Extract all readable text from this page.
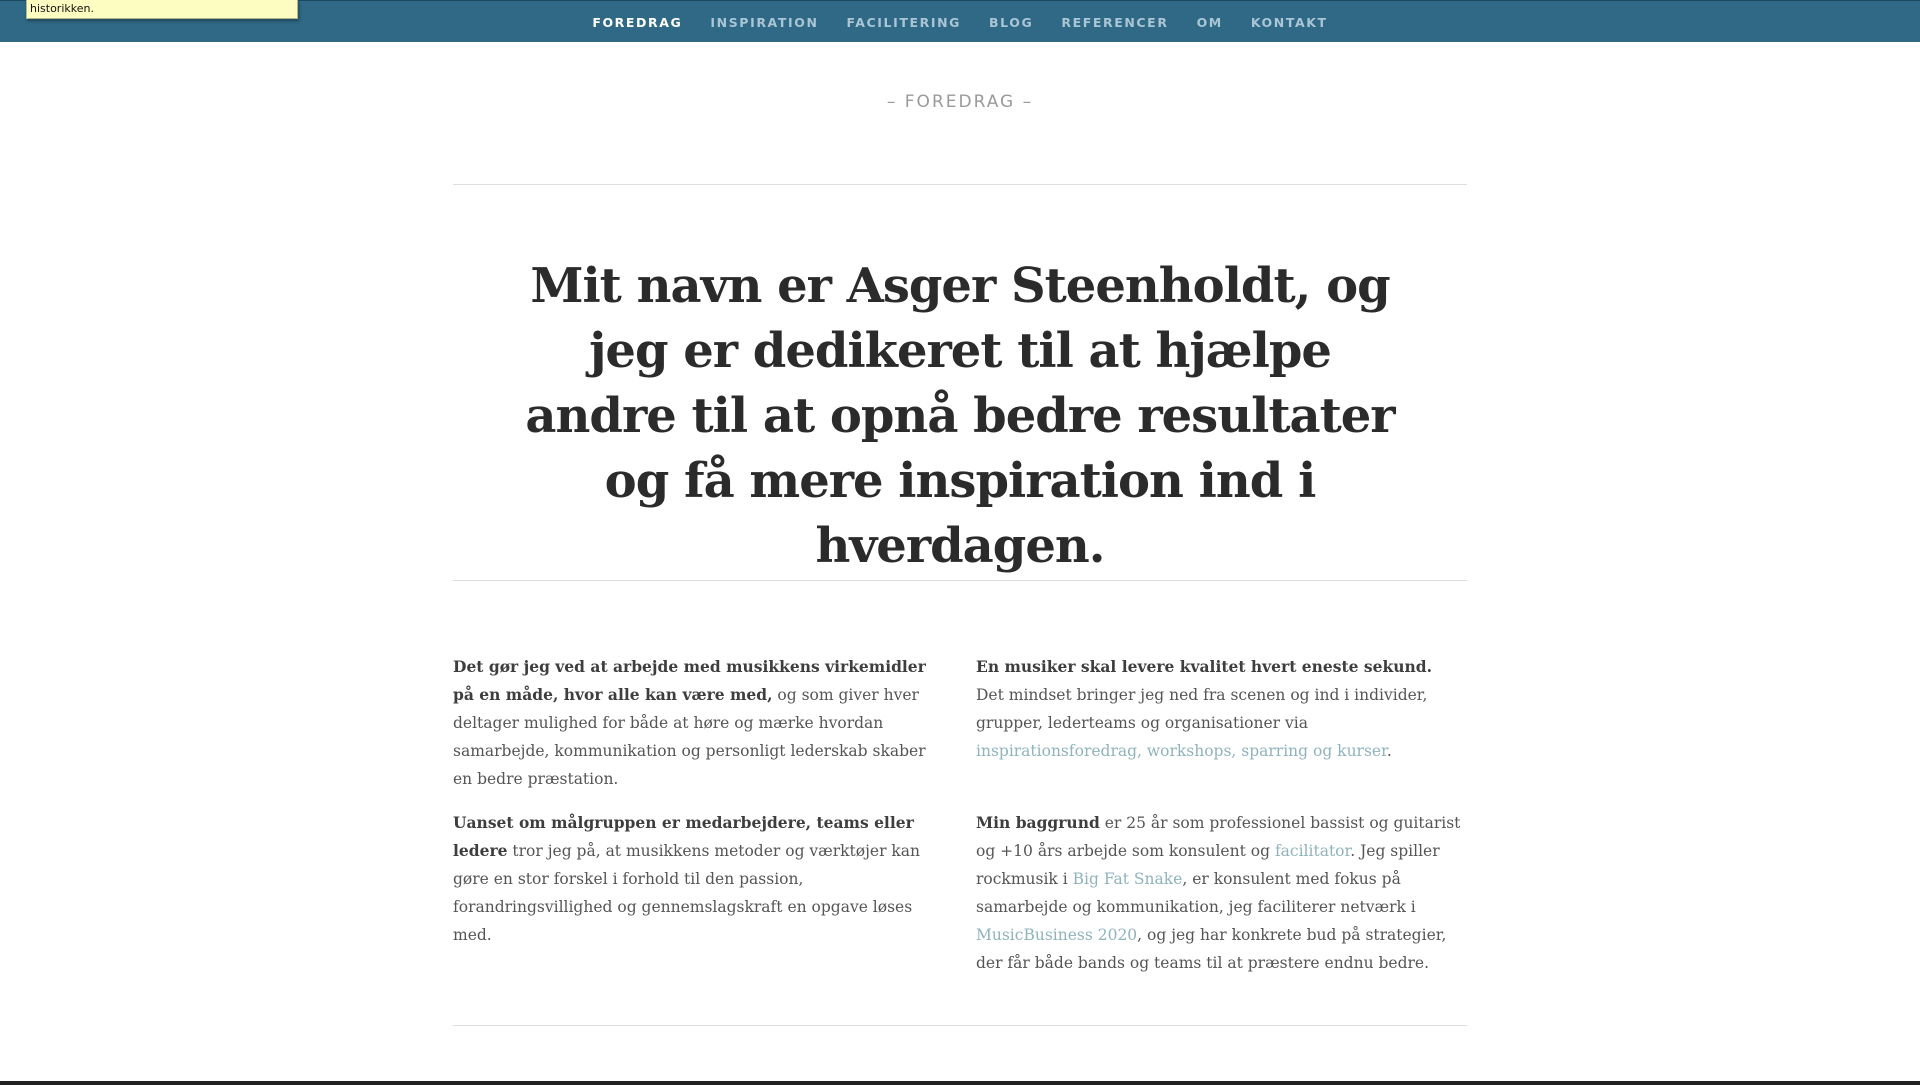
FOREDRAG	INSPIRATION	FACILITERING	BLOG	REFERENCER	OM	KONTAKT
historikken.
– FOREDRAG –
Mit navn er Asger Steenholdt, og jeg er dedikeret til at hjælpe andre til at opnå bedre resultater og få mere inspiration ind i hverdagen.

Det gør jeg ved at arbejde med musikkens virkemidler på en måde, hvor alle kan være med, og som giver hver deltager mulighed for både at høre og mærke hvordan samarbejde, kommunikation og personligt lederskab skaber en bedre præstation.

Uanset om målgruppen er medarbejdere, teams eller ledere tror jeg på, at musikkens metoder og værktøjer kan gøre en stor forskel i forhold til den passion, forandringsvillighed og gennemslagskraft en opgave løses med.

En musiker skal levere kvalitet hvert eneste sekund.
Det mindset bringer jeg ned fra scenen og ind i individer, grupper, lederteams og organisationer via inspirationsforedrag, workshops, sparring og kurser.

Min baggrund er 25 år som professionel bassist og guitarist og +10 års arbejde som konsulent og facilitator. Jeg spiller rockmusik i Big Fat Snake, er konsulent med fokus på samarbejde og kommunikation, jeg faciliterer netværk i MusicBusiness 2020, og jeg har konkrete bud på strategier, der får både bands og teams til at præstere endnu bedre.
